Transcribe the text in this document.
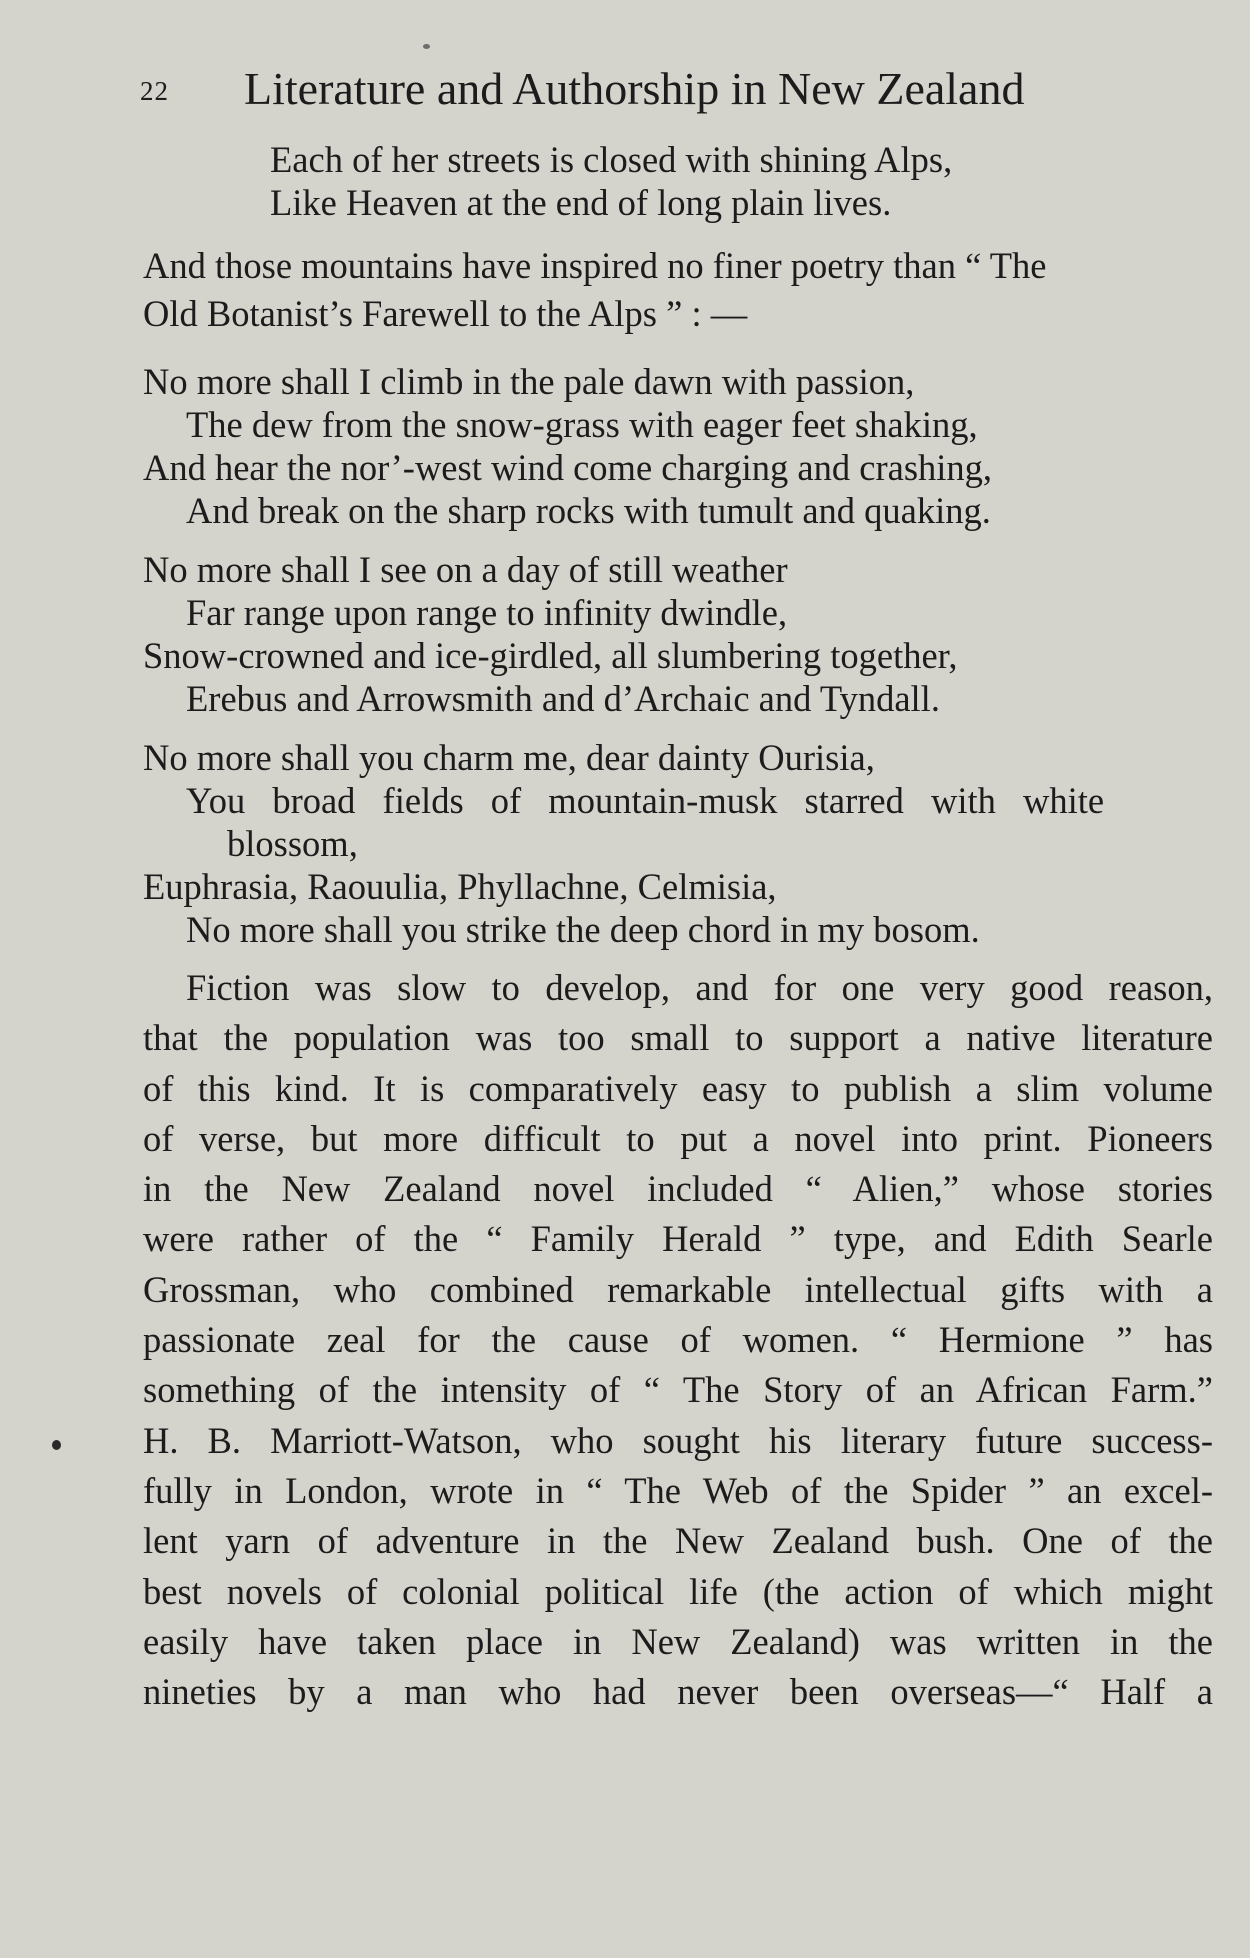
22 Literature and Authorship in New Zealand
Each of her streets is closed with shining Alps,
Like Heaven at the end of long plain lives.
And those mountains have inspired no finer poetry than “ The
Old Botanist’s Farewell to the Alps ” : —
No more shall I climb in the pale dawn with passion,
The dew from the snow-grass with eager feet shaking,
And hear the nor’-west wind come charging and crashing,
And break on the sharp rocks with tumult and quaking.
No more shall I see on a day of still weather
Far range upon range to infinity dwindle,
Snow-crowned and ice-girdled, all slumbering together,
Erebus and Arrowsmith and d’Archaic and Tyndall.
No more shall you charm me, dear dainty Ourisia,
You broad fields of mountain-musk starred with white
blossom,
Euphrasia, Raouulia, Phyllachne, Celmisia,
No more shall you strike the deep chord in my bosom.
Fiction was slow to develop, and for one very good reason,
that the population was too small to support a native literature
of this kind. It is comparatively easy to publish a slim volume
of verse, but more difficult to put a novel into print. Pioneers
in the New Zealand novel included “ Alien,” whose stories
were rather of the “ Family Herald ” type, and Edith Searle
Grossman, who combined remarkable intellectual gifts with a
passionate zeal for the cause of women. “ Hermione ” has
something of the intensity of “ The Story of an African Farm.”
H. B. Marriott-Watson, who sought his literary future success-
fully in London, wrote in “ The Web of the Spider ” an excel-
lent yarn of adventure in the New Zealand bush. One of the
best novels of colonial political life (the action of which might
easily have taken place in New Zealand) was written in the
nineties by a man who had never been overseas—“ Half a
